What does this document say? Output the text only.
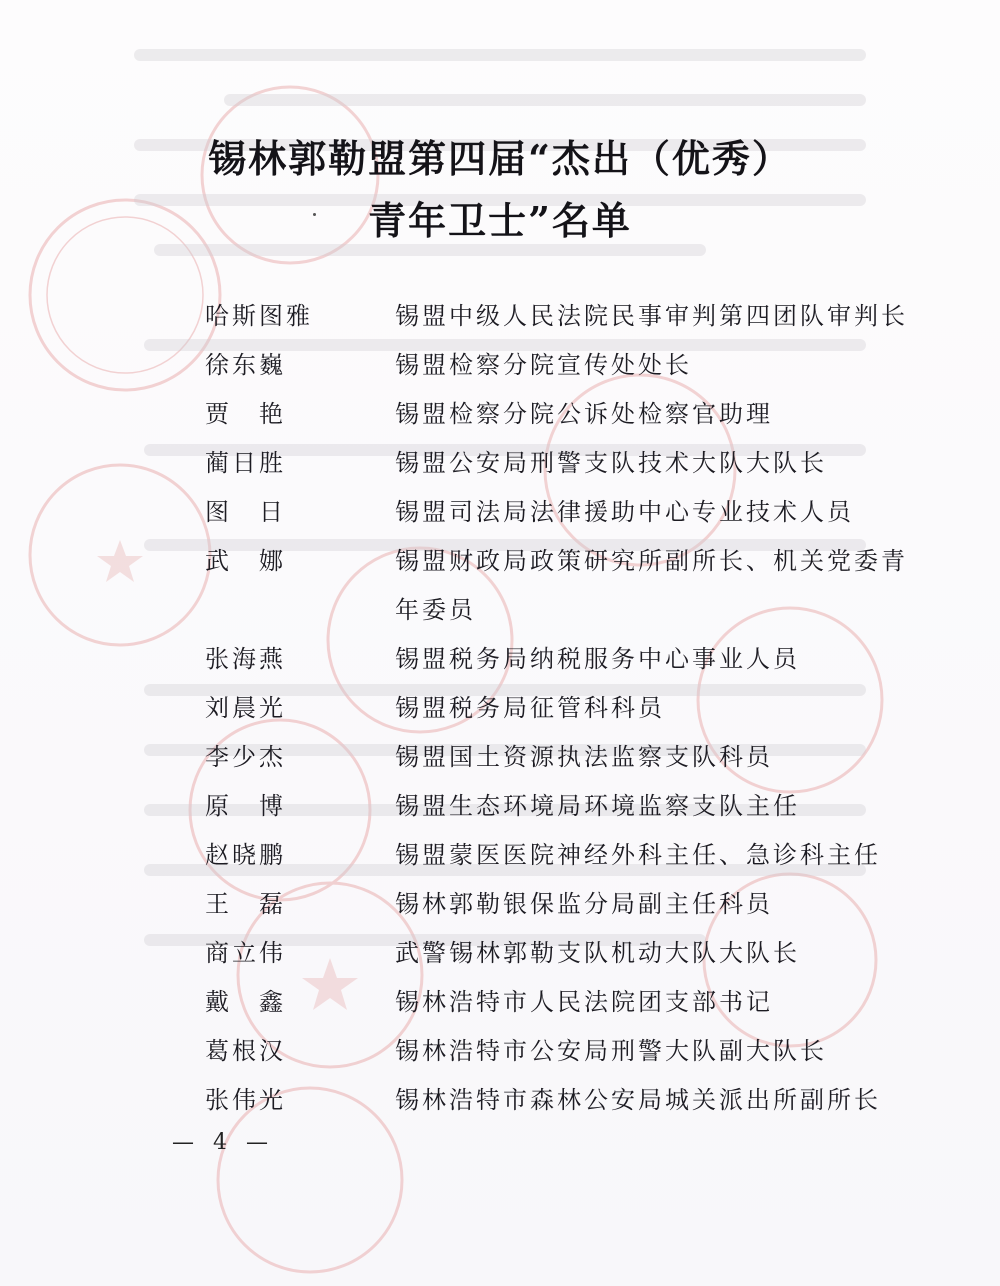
锡林郭勒盟第四届“杰出（优秀）
青年卫士”名单
哈斯图雅	锡盟中级人民法院民事审判第四团队审判长
徐东巍	锡盟检察分院宣传处处长
贾　艳	锡盟检察分院公诉处检察官助理
蔺日胜	锡盟公安局刑警支队技术大队大队长
图　日	锡盟司法局法律援助中心专业技术人员
武　娜	锡盟财政局政策研究所副所长、机关党委青年委员
张海燕	锡盟税务局纳税服务中心事业人员
刘晨光	锡盟税务局征管科科员
李少杰	锡盟国土资源执法监察支队科员
原　博	锡盟生态环境局环境监察支队主任
赵晓鹏	锡盟蒙医医院神经外科主任、急诊科主任
王　磊	锡林郭勒银保监分局副主任科员
商立伟	武警锡林郭勒支队机动大队大队长
戴　鑫	锡林浩特市人民法院团支部书记
葛根汉	锡林浩特市公安局刑警大队副大队长
张伟光	锡林浩特市森林公安局城关派出所副所长
— 4 —
